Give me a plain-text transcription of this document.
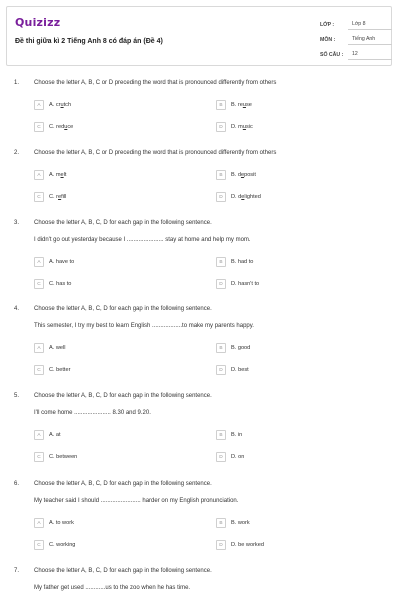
Quizizz
Đề thi giữa kì 2 Tiếng Anh 8 có đáp án (Đề 4)
LỚP :	Lớp 8
MÔN :	Tiếng Anh
SỐ CÂU :	12
1. Choose the letter A, B, C or D preceding the word that is pronounced differently from others
A	A. crutch	B	B. reuse
C	C. reduce	D	D. music
2. Choose the letter A, B, C or D preceding the word that is pronounced differently from others
A	A. melt	B	B. deposit
C	C. refill	D	D. delighted
3. Choose the letter A, B, C, D for each gap in the following sentence.
I didn't go out yesterday because I ...................... stay at home and help my mom.
A	A. have to	B	B. had to
C	C. has to	D	D. hasn't to
4. Choose the letter A, B, C, D for each gap in the following sentence.
This semester, I try my best to learn English ..................to make my parents happy.
A	A. well	B	B. good
C	C. better	D	D. best
5. Choose the letter A, B, C, D for each gap in the following sentence.
I'll come home ...................... 8.30 and 9.20.
A	A. at	B	B. in
C	C. between	D	D. on
6. Choose the letter A, B, C, D for each gap in the following sentence.
My teacher said I should ........................ harder on my English pronunciation.
A	A. to work	B	B. work
C	C. working	D	D. be worked
7. Choose the letter A, B, C, D for each gap in the following sentence.
My father get used ............us to the zoo when he has time.
